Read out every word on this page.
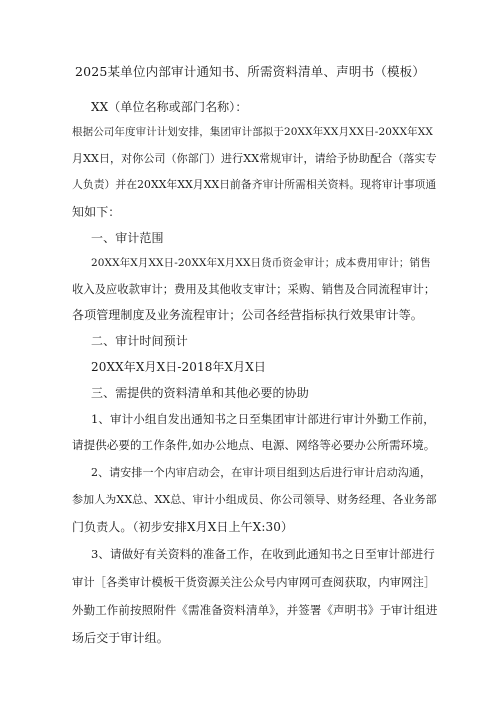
2025某单位内部审计通知书、所需资料清单、声明书（模板）
XX（单位名称或部门名称）：
根据公司年度审计计划安排，集团审计部拟于20XX年XX月XX日-20XX年XX
月XX日，对你公司（你部门）进行XX常规审计，请给予协助配合（落实专
人负责）并在20XX年XX月XX日前备齐审计所需相关资料。现将审计事项通
知如下：
一、审计范围
20XX年X月XX日-20XX年X月XX日货币资金审计；成本费用审计；销售
收入及应收款审计；费用及其他收支审计；采购、销售及合同流程审计；
各项管理制度及业务流程审计；公司各经营指标执行效果审计等。
二、审计时间预计
20XX年X月X日-2018年X月X日
三、需提供的资料清单和其他必要的协助
1、审计小组自发出通知书之日至集团审计部进行审计外勤工作前，
请提供必要的工作条件,如办公地点、电源、网络等必要办公所需环境。
2、请安排一个内审启动会，在审计项目组到达后进行审计启动沟通，
参加人为XX总、XX总、审计小组成员、你公司领导、财务经理、各业务部
门负责人。（初步安排X月X日上午X:30）
3、请做好有关资料的准备工作，在收到此通知书之日至审计部进行
审计［各类审计模板干货资源关注公众号内审网可查阅获取，内审网注］
外勤工作前按照附件《需准备资料清单》，并签署《声明书》于审计组进
场后交于审计组。
